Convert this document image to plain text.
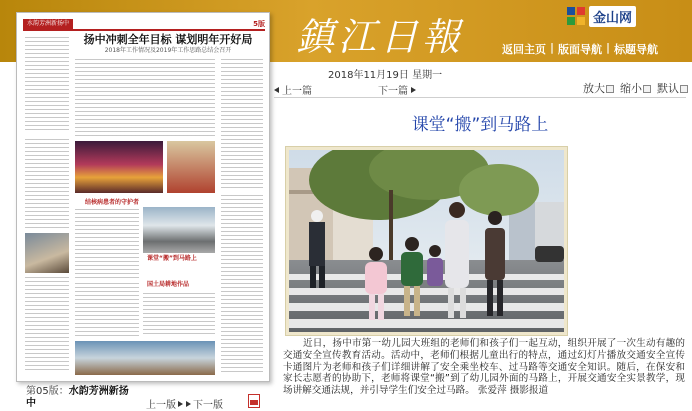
鎮江日報	金山网
返回主页 | 版面导航 | 标题导航
水韵芳洲新扬中	5版
扬中冲刺全年目标 谋划明年开好局
2018年工作情况及2019年工作思路总结会召开
结核病患者的守护者
课堂“搬”到马路上
国土局耕地作品
第05版：水韵芳洲新扬中	上一版 下一版
2018年11月19日 星期一
上一篇	下一篇	放大	缩小	默认
课堂“搬”到马路上
近日，扬中市第一幼儿园大班组的老师们和孩子们一起互动，组织开展了一次生动有趣的交通安全宣传教育活动。活动中，老师们根据儿童出行的特点，通过幻灯片播放交通安全宣传卡通图片为老师和孩子们详细讲解了安全乘坐校车、过马路等交通安全知识。随后，在保安和家长志愿者的协助下，老师将课堂“搬”到了幼儿园外面的马路上，开展交通安全实景教学，现场讲解交通法规，并引导学生们安全过马路。 张爱萍 摄影报道
